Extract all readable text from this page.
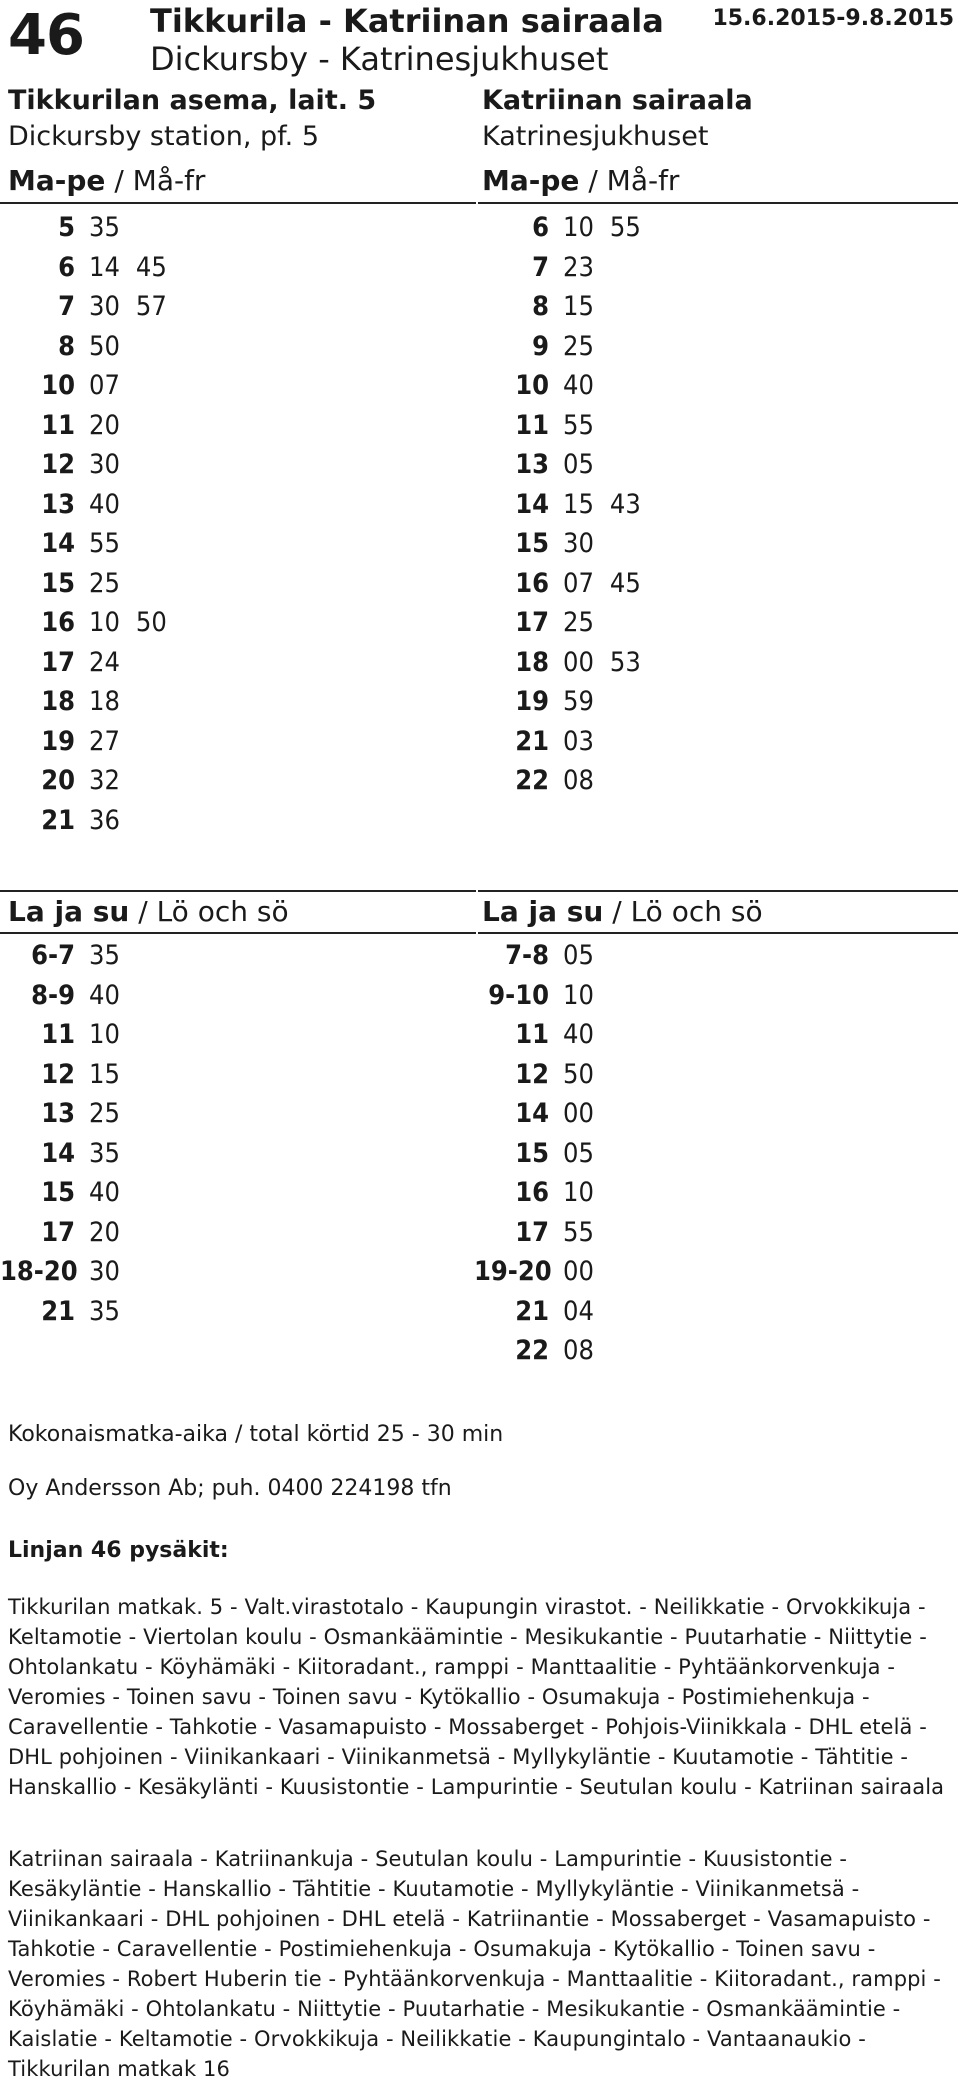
46 Tikkurila - Katriinan sairaala
Dickursby - Katrinesjukhuset
15.6.2015-9.8.2015
Tikkurilan asema, lait. 5
Dickursby station, pf. 5
Katriinan sairaala
Katrinesjukhuset
Ma-pe / Må-fr	Ma-pe / Må-fr
5 35
6 14 45
7 30 57
8 50
10 07
11 20
12 30
13 40
14 55
15 25
16 10 50
17 24
18 18
19 27
20 32
21 36
6 10 55
7 23
8 15
9 25
10 40
11 55
13 05
14 15 43
15 30
16 07 45
17 25
18 00 53
19 59
21 03
22 08
La ja su / Lö och sö	La ja su / Lö och sö
6-7 35
8-9 40
11 10
12 15
13 25
14 35
15 40
17 20
18-20 30
21 35
7-8 05
9-10 10
11 40
12 50
14 00
15 05
16 10
17 55
19-20 00
21 04
22 08
Kokonaismatka-aika / total körtid 25 - 30 min
Oy Andersson Ab; puh. 0400 224198 tfn
Linjan 46 pysäkit:
Tikkurilan matkak. 5 - Valt.virastotalo - Kaupungin virastot. - Neilikkatie - Orvokkikuja - Keltamotie - Viertolan koulu - Osmankäämintie - Mesikukantie - Puutarhatie - Niittytie - Ohtolankatu - Köyhämäki - Kiitoradant., ramppi - Manttaalitie - Pyhtäänkorvenkuja - Veromies - Toinen savu - Toinen savu - Kytökallio - Osumakuja - Postimiehenkuja - Caravellentie - Tahkotie - Vasamapuisto - Mossaberget - Pohjois-Viinikkala - DHL etelä - DHL pohjoinen - Viinikankaari - Viinikanmetsä - Myllykyläntie - Kuutamotie - Tähtitie - Hanskallio - Kesäkylänti - Kuusistontie - Lampurintie - Seutulan koulu - Katriinan sairaala
Katriinan sairaala - Katriinankuja - Seutulan koulu - Lampurintie - Kuusistontie - Kesäkyläntie - Hanskallio - Tähtitie - Kuutamotie - Myllykyläntie - Viinikanmetsä - Viinikankaari - DHL pohjoinen - DHL etelä - Katriinantie - Mossaberget - Vasamapuisto - Tahkotie - Caravellentie - Postimiehenkuja - Osumakuja - Kytökallio - Toinen savu - Veromies - Robert Huberin tie - Pyhtäänkorvenkuja - Manttaalitie - Kiitoradant., ramppi - Köyhämäki - Ohtolankatu - Niittytie - Puutarhatie - Mesikukantie - Osmankäämintie - Kaislatie - Keltamotie - Orvokkikuja - Neilikkatie - Kaupungintalo - Vantaanaukio - Tikkurilan matkak 16
